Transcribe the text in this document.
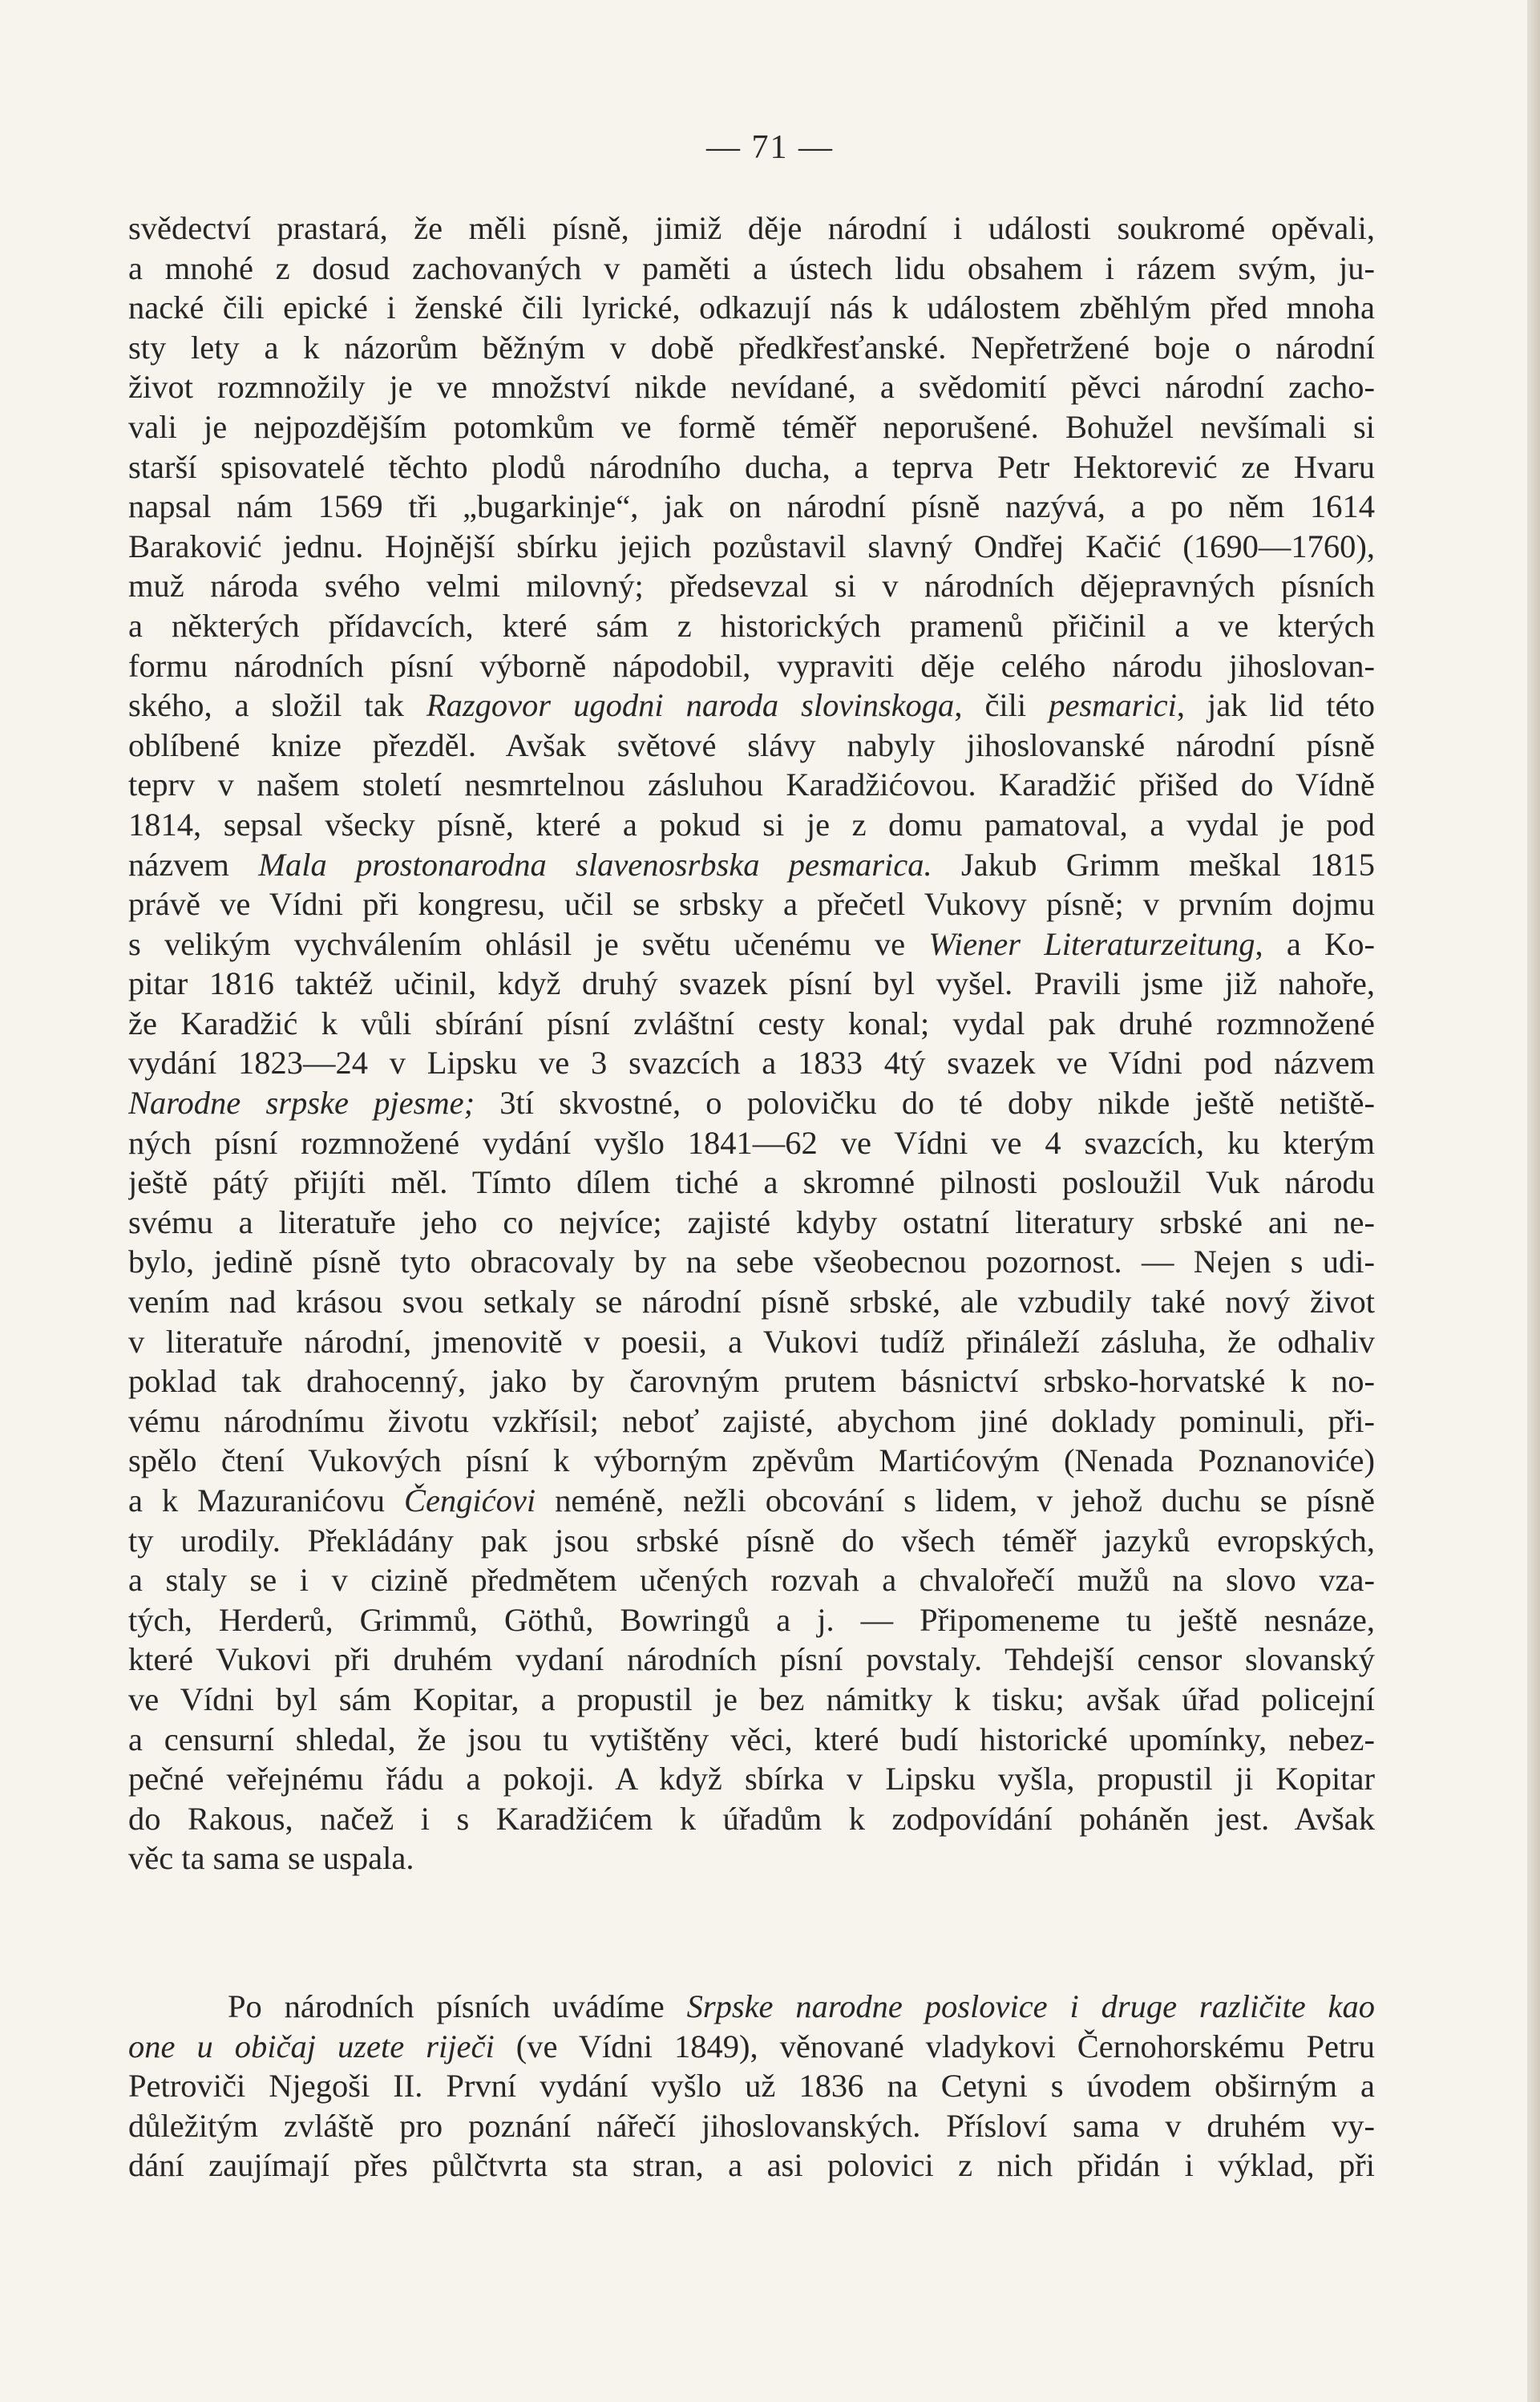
— 71 —
svědectví prastará, že měli písně, jimiž děje národní i události soukromé opěvali,
a mnohé z dosud zachovaných v paměti a ústech lidu obsahem i rázem svým, ju-
nacké čili epické i ženské čili lyrické, odkazují nás k událostem zběhlým před mnoha
sty lety a k názorům běžným v době předkřesťanské. Nepřetržené boje o národní
život rozmnožily je ve množství nikde nevídané, a svědomití pěvci národní zacho-
vali je nejpozdějším potomkům ve formě téměř neporušené. Bohužel nevšímali si
starší spisovatelé těchto plodů národního ducha, a teprva Petr Hektorević ze Hvaru
napsal nám 1569 tři „bugarkinje“, jak on národní písně nazývá, a po něm 1614
Baraković jednu. Hojnější sbírku jejich pozůstavil slavný Ondřej Kačić (1690—1760),
muž národa svého velmi milovný; předsevzal si v národních dějepravných písních
a některých přídavcích, které sám z historických pramenů přičinil a ve kterých
formu národních písní výborně nápodobil, vypraviti děje celého národu jihoslovan-
ského, a složil tak Razgovor ugodni naroda slovinskoga, čili pesmarici, jak lid této
oblíbené knize přezděl. Avšak světové slávy nabyly jihoslovanské národní písně
teprv v našem století nesmrtelnou zásluhou Karadžićovou. Karadžić přišed do Vídně
1814, sepsal všecky písně, které a pokud si je z domu pamatoval, a vydal je pod
názvem Mala prostonarodna slavenosrbska pesmarica. Jakub Grimm meškal 1815
právě ve Vídni při kongresu, učil se srbsky a přečetl Vukovy písně; v prvním dojmu
s velikým vychválením ohlásil je světu učenému ve Wiener Literaturzeitung, a Ko-
pitar 1816 taktéž učinil, když druhý svazek písní byl vyšel. Pravili jsme již nahoře,
že Karadžić k vůli sbírání písní zvláštní cesty konal; vydal pak druhé rozmnožené
vydání 1823—24 v Lipsku ve 3 svazcích a 1833 4tý svazek ve Vídni pod názvem
Narodne srpske pjesme; 3tí skvostné, o polovičku do té doby nikde ještě netiště-
ných písní rozmnožené vydání vyšlo 1841—62 ve Vídni ve 4 svazcích, ku kterým
ještě pátý přijíti měl. Tímto dílem tiché a skromné pilnosti posloužil Vuk národu
svému a literatuře jeho co nejvíce; zajisté kdyby ostatní literatury srbské ani ne-
bylo, jedině písně tyto obracovaly by na sebe všeobecnou pozornost. — Nejen s udi-
vením nad krásou svou setkaly se národní písně srbské, ale vzbudily také nový život
v literatuře národní, jmenovitě v poesii, a Vukovi tudíž přináleží zásluha, že odhaliv
poklad tak drahocenný, jako by čarovným prutem básnictví srbsko-horvatské k no-
vému národnímu životu vzkřísil; neboť zajisté, abychom jiné doklady pominuli, při-
spělo čtení Vukových písní k výborným zpěvům Martićovým (Nenada Poznanoviće)
a k Mazuranićovu Čengićovi neméně, nežli obcování s lidem, v jehož duchu se písně
ty urodily. Překládány pak jsou srbské písně do všech téměř jazyků evropských,
a staly se i v cizině předmětem učených rozvah a chvalořečí mužů na slovo vza-
tých, Herderů, Grimmů, Göthů, Bowringů a j. — Připomeneme tu ještě nesnáze,
které Vukovi při druhém vydaní národních písní povstaly. Tehdejší censor slovanský
ve Vídni byl sám Kopitar, a propustil je bez námitky k tisku; avšak úřad policejní
a censurní shledal, že jsou tu vytištěny věci, které budí historické upomínky, nebez-
pečné veřejnému řádu a pokoji. A když sbírka v Lipsku vyšla, propustil ji Kopitar
do Rakous, načež i s Karadžićem k úřadům k zodpovídání poháněn jest. Avšak
věc ta sama se uspala.
Po národních písních uvádíme Srpske narodne poslovice i druge različite kao
one u običaj uzete riječi (ve Vídni 1849), věnované vladykovi Černohorskému Petru
Petroviči Njegoši II. První vydání vyšlo už 1836 na Cetyni s úvodem obširným a
důležitým zvláště pro poznání nářečí jihoslovanských. Přísloví sama v druhém vy-
dání zaujímají přes půlčtvrta sta stran, a asi polovici z nich přidán i výklad, při
